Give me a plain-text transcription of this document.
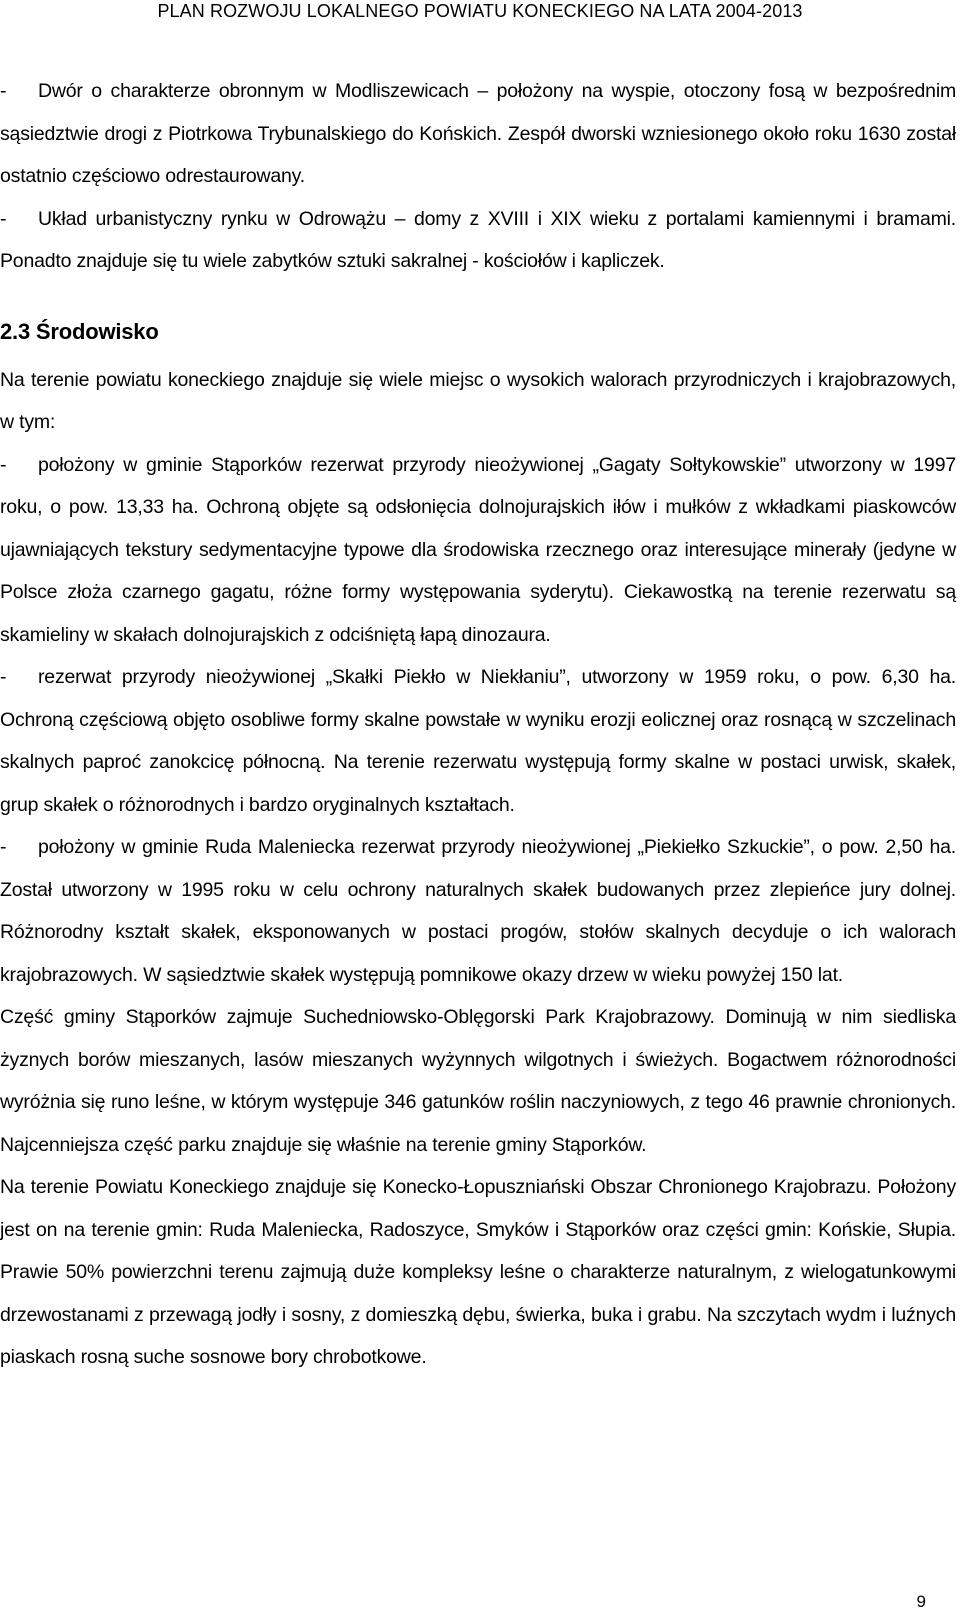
PLAN ROZWOJU LOKALNEGO POWIATU KONECKIEGO NA LATA 2004-2013

- Dwór o charakterze obronnym w Modliszewicach – położony na wyspie, otoczony fosą w bezpośrednim sąsiedztwie drogi z Piotrkowa Trybunalskiego do Końskich. Zespół dworski wzniesionego około roku 1630 został ostatnio częściowo odrestaurowany.

- Układ urbanistyczny rynku w Odrowążu – domy z XVIII i XIX wieku z portalami kamiennymi i bramami. Ponadto znajduje się tu wiele zabytków sztuki sakralnej - kościołów i kapliczek.

2.3 Środowisko

Na terenie powiatu koneckiego znajduje się wiele miejsc o wysokich walorach przyrodniczych i krajobrazowych, w tym:

- położony w gminie Stąporków rezerwat przyrody nieożywionej „Gagaty Sołtykowskie” utworzony w 1997 roku, o pow. 13,33 ha. Ochroną objęte są odsłonięcia dolnojurajskich iłów i mułków z wkładkami piaskowców ujawniających tekstury sedymentacyjne typowe dla środowiska rzecznego oraz interesujące minerały (jedyne w Polsce złoża czarnego gagatu, różne formy występowania syderytu). Ciekawostką na terenie rezerwatu są skamieliny w skałach dolnojurajskich z odciśniętą łapą dinozaura.

- rezerwat przyrody nieożywionej „Skałki Piekło w Niekłaniu”, utworzony w 1959 roku, o pow. 6,30 ha. Ochroną częściową objęto osobliwe formy skalne powstałe w wyniku erozji eolicznej oraz rosnącą w szczelinach skalnych paproć zanokcicę północną. Na terenie rezerwatu występują formy skalne w postaci urwisk, skałek, grup skałek o różnorodnych i bardzo oryginalnych kształtach.

- położony w gminie Ruda Maleniecka rezerwat przyrody nieożywionej „Piekiełko Szkuckie”, o pow. 2,50 ha. Został utworzony w 1995 roku w celu ochrony naturalnych skałek budowanych przez zlepieńce jury dolnej. Różnorodny kształt skałek, eksponowanych w postaci progów, stołów skalnych decyduje o ich walorach krajobrazowych. W sąsiedztwie skałek występują pomnikowe okazy drzew w wieku powyżej 150 lat.

Część gminy Stąporków zajmuje Suchedniowsko-Oblęgorski Park Krajobrazowy. Dominują w nim siedliska żyznych borów mieszanych, lasów mieszanych wyżynnych wilgotnych i świeżych. Bogactwem różnorodności wyróżnia się runo leśne, w którym występuje 346 gatunków roślin naczyniowych, z tego 46 prawnie chronionych. Najcenniejsza część parku znajduje się właśnie na terenie gminy Stąporków.

Na terenie Powiatu Koneckiego znajduje się Konecko-Łopuszniański Obszar Chronionego Krajobrazu. Położony jest on na terenie gmin: Ruda Maleniecka, Radoszyce, Smyków i Stąporków oraz części gmin: Końskie, Słupia. Prawie 50% powierzchni terenu zajmują duże kompleksy leśne o charakterze naturalnym, z wielogatunkowymi drzewostanami z przewagą jodły i sosny, z domieszką dębu, świerka, buka i grabu. Na szczytach wydm i luźnych piaskach rosną suche sosnowe bory chrobotkowe.

9
